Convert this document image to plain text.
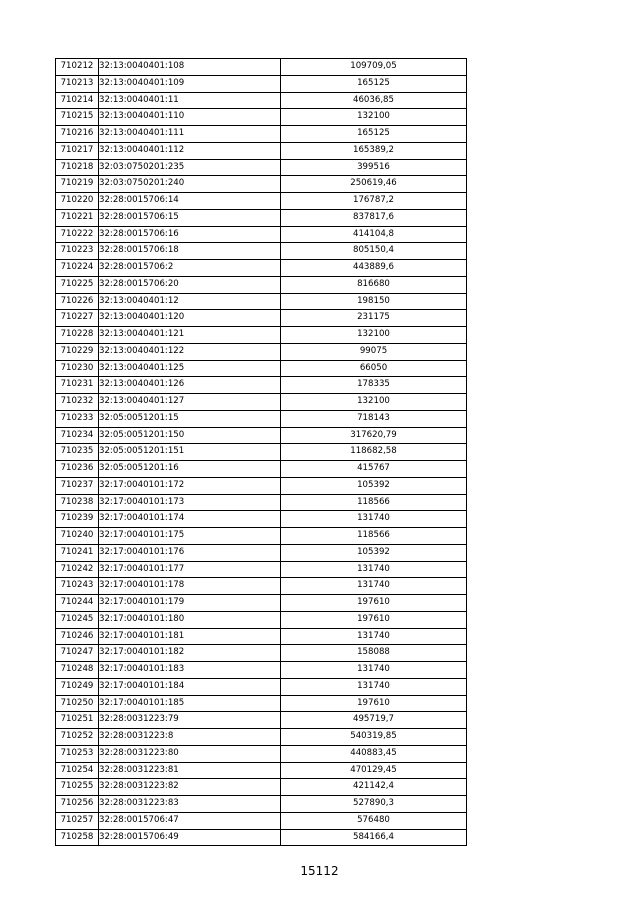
710212	32:13:0040401:108	109709,05
710213	32:13:0040401:109	165125
710214	32:13:0040401:11	46036,85
710215	32:13:0040401:110	132100
710216	32:13:0040401:111	165125
710217	32:13:0040401:112	165389,2
710218	32:03:0750201:235	399516
710219	32:03:0750201:240	250619,46
710220	32:28:0015706:14	176787,2
710221	32:28:0015706:15	837817,6
710222	32:28:0015706:16	414104,8
710223	32:28:0015706:18	805150,4
710224	32:28:0015706:2	443889,6
710225	32:28:0015706:20	816680
710226	32:13:0040401:12	198150
710227	32:13:0040401:120	231175
710228	32:13:0040401:121	132100
710229	32:13:0040401:122	99075
710230	32:13:0040401:125	66050
710231	32:13:0040401:126	178335
710232	32:13:0040401:127	132100
710233	32:05:0051201:15	718143
710234	32:05:0051201:150	317620,79
710235	32:05:0051201:151	118682,58
710236	32:05:0051201:16	415767
710237	32:17:0040101:172	105392
710238	32:17:0040101:173	118566
710239	32:17:0040101:174	131740
710240	32:17:0040101:175	118566
710241	32:17:0040101:176	105392
710242	32:17:0040101:177	131740
710243	32:17:0040101:178	131740
710244	32:17:0040101:179	197610
710245	32:17:0040101:180	197610
710246	32:17:0040101:181	131740
710247	32:17:0040101:182	158088
710248	32:17:0040101:183	131740
710249	32:17:0040101:184	131740
710250	32:17:0040101:185	197610
710251	32:28:0031223:79	495719,7
710252	32:28:0031223:8	540319,85
710253	32:28:0031223:80	440883,45
710254	32:28:0031223:81	470129,45
710255	32:28:0031223:82	421142,4
710256	32:28:0031223:83	527890,3
710257	32:28:0015706:47	576480
710258	32:28:0015706:49	584166,4
15112
